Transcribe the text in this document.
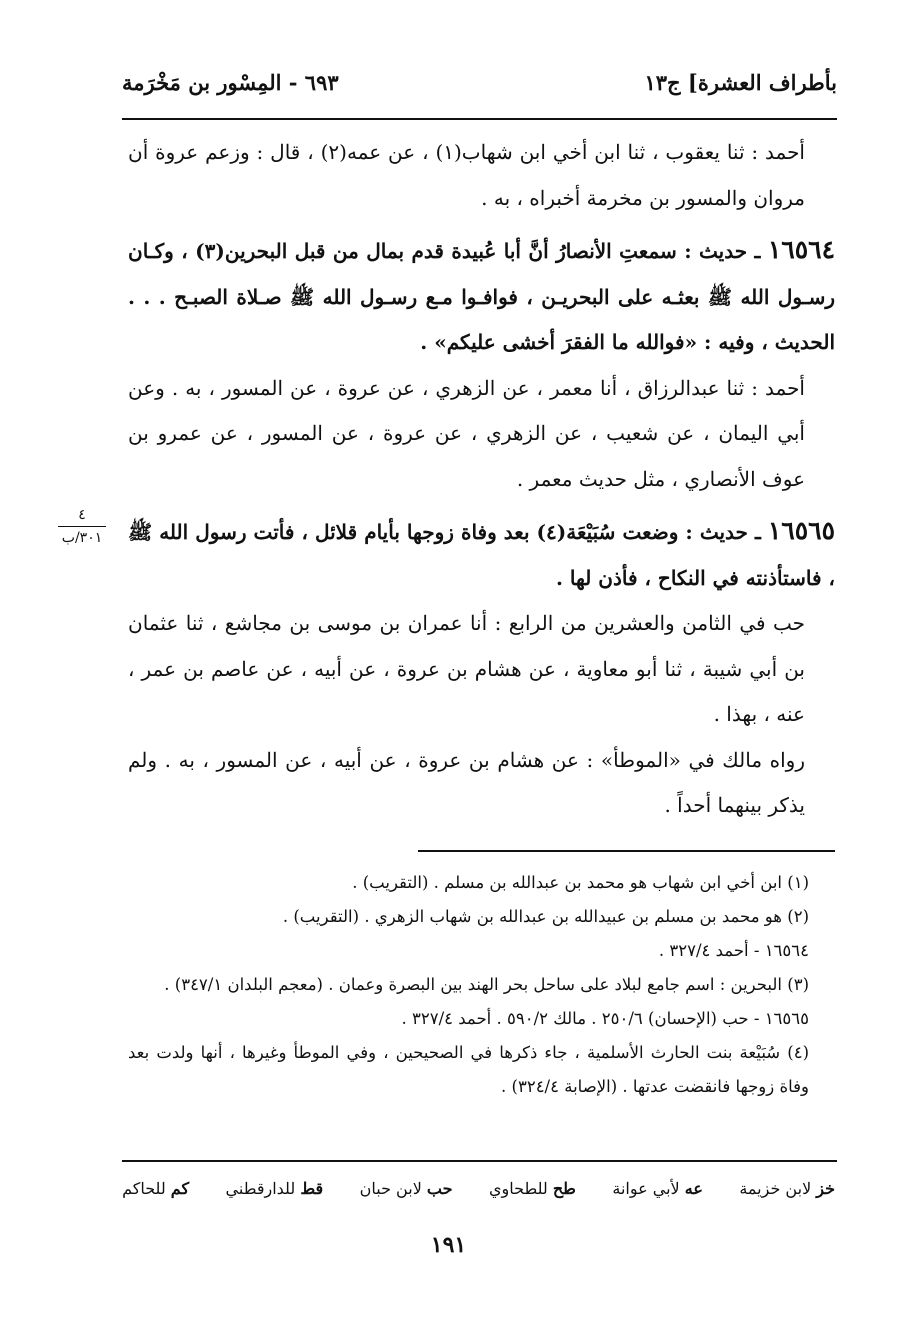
بأطراف العشرة] ج١٣
٦٩٣ - المِسْور بن مَخْرَمة

أحمد : ثنا يعقوب ، ثنا ابن أخي ابن شهاب(١) ، عن عمه(٢) ، قال : وزعم عروة أن مروان والمسور بن مخرمة أخبراه ، به .

١٦٥٦٤ ـ حديث : سمعتِ الأنصارُ أنَّ أبا عُبيدة قدم بمال من قبل البحرين(٣) ، وكـان رسـول الله ﷺ بعثـه على البحريـن ، فوافـوا مـع رسـول الله ﷺ صـلاة الصبـح . . . الحديث ، وفيه : «فوالله ما الفقرَ أخشى عليكم» .

أحمد : ثنا عبدالرزاق ، أنا معمر ، عن الزهري ، عن عروة ، عن المسور ، به . وعن أبي اليمان ، عن شعيب ، عن الزهري ، عن عروة ، عن المسور ، عن عمرو بن عوف الأنصاري ، مثل حديث معمر .

١٦٥٦٥ ـ حديث : وضعت سُبَيْعَة(٤) بعد وفاة زوجها بأيام قلائل ، فأتت رسول الله ﷺ ، فاستأذنته في النكاح ، فأذن لها .

حب في الثامن والعشرين من الرابع : أنا عمران بن موسى بن مجاشع ، ثنا عثمان بن أبي شيبة ، ثنا أبو معاوية ، عن هشام بن عروة ، عن أبيه ، عن عاصم بن عمر ، عنه ، بهذا .

رواه مالك في «الموطأ» : عن هشام بن عروة ، عن أبيه ، عن المسور ، به . ولم يذكر بينهما أحداً .

٤
٣٠١/ب

(١) ابن أخي ابن شهاب هو محمد بن عبدالله بن مسلم . (التقريب) .

(٢) هو محمد بن مسلم بن عبيدالله بن عبدالله بن شهاب الزهري . (التقريب) .

١٦٥٦٤ - أحمد ٣٢٧/٤ .

(٣) البحرين : اسم جامع لبلاد على ساحل بحر الهند بين البصرة وعمان . (معجم البلدان ٣٤٧/١) .

١٦٥٦٥ - حب (الإحسان) ٢٥٠/٦ . مالك ٥٩٠/٢ . أحمد ٣٢٧/٤ .

(٤) سُبَيْعة بنت الحارث الأسلمية ، جاء ذكرها في الصحيحين ، وفي الموطأ وغيرها ، أنها ولدت بعد وفاة زوجها فانقضت عدتها . (الإصابة ٣٢٤/٤) .

خز لابن خزيمة
عه لأبي عوانة
طح للطحاوي
حب لابن حبان
قط للدارقطني
كم للحاكم
١٩١
